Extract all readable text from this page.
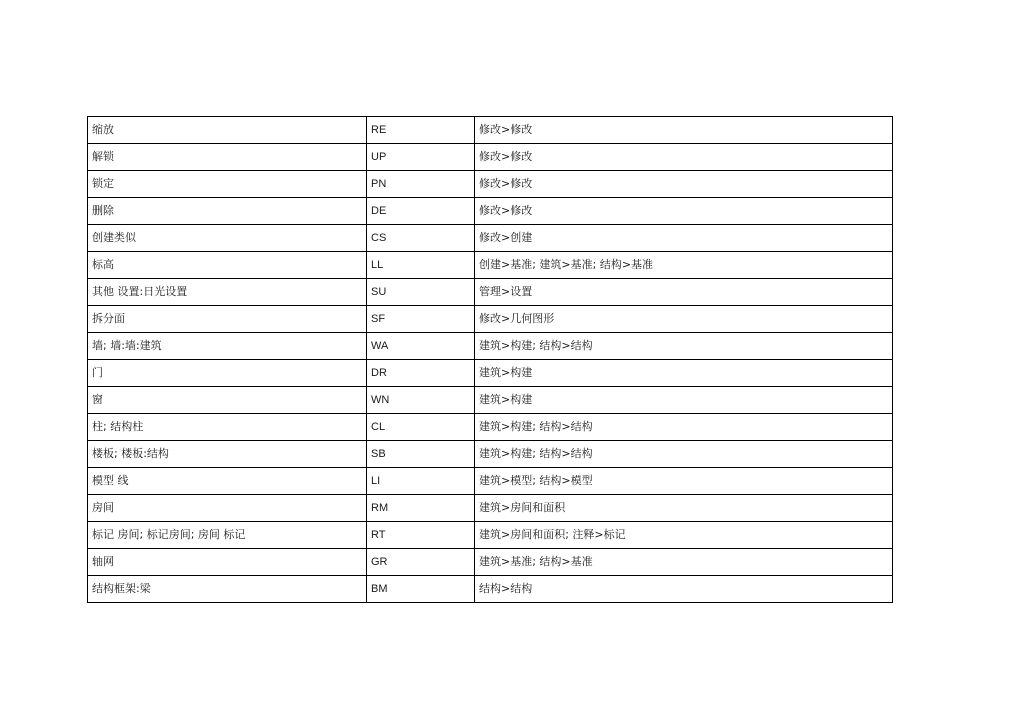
缩放	RE	修改>修改
解锁	UP	修改>修改
锁定	PN	修改>修改
删除	DE	修改>修改
创建类似	CS	修改>创建
标高	LL	创建>基准; 建筑>基准; 结构>基准
其他 设置:日光设置	SU	管理>设置
拆分面	SF	修改>几何图形
墙; 墙:墙:建筑	WA	建筑>构建; 结构>结构
门	DR	建筑>构建
窗	WN	建筑>构建
柱; 结构柱	CL	建筑>构建; 结构>结构
楼板; 楼板:结构	SB	建筑>构建; 结构>结构
模型 线	LI	建筑>模型; 结构>模型
房间	RM	建筑>房间和面积
标记 房间; 标记房间; 房间 标记	RT	建筑>房间和面积; 注释>标记
轴网	GR	建筑>基准; 结构>基准
结构框架:梁	BM	结构>结构
